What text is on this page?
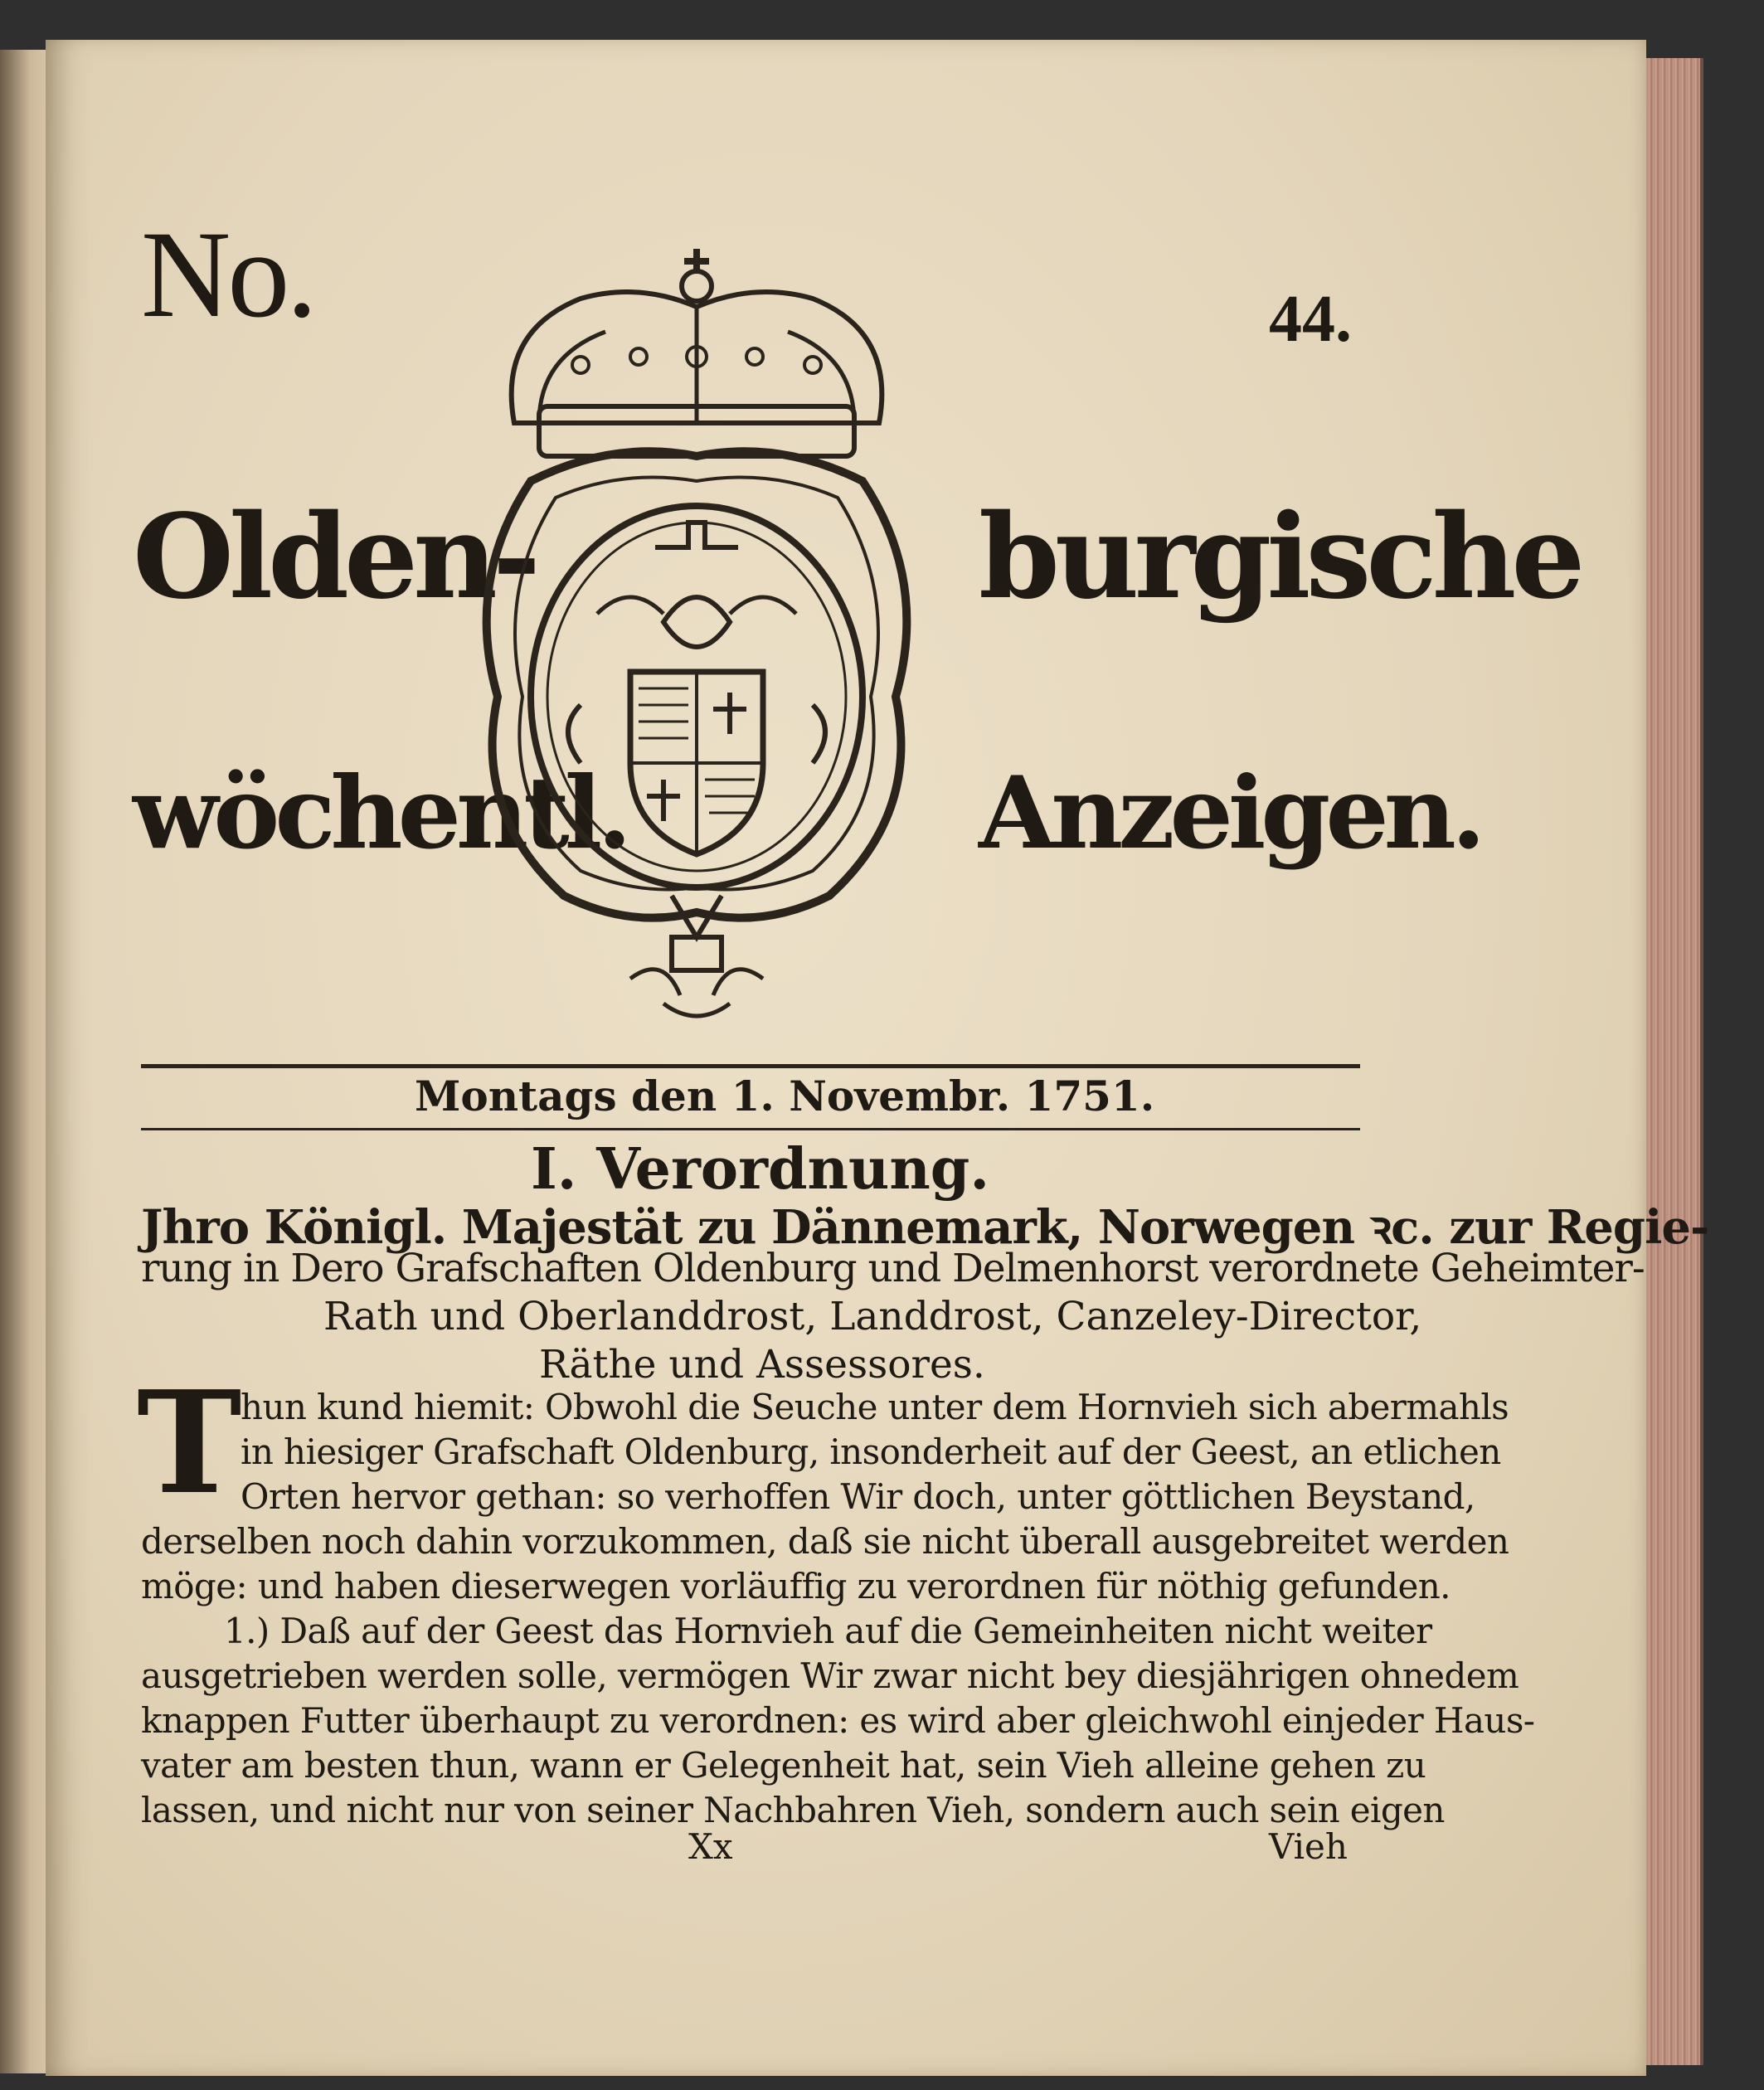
No.	44.
Olden-	burgische
wöchentl.	Anzeigen.
Montags den 1. Novembr. 1751.
I. Verordnung.
Jhro Königl. Majestät zu Dännemark, Norwegen ꝛc. zur Regie-
rung in Dero Grafschaften Oldenburg und Delmenhorst verordnete Geheimter-
Rath und Oberlanddrost, Landdrost, Canzeley-Director,
Räthe und Assessores.
T
hun kund hiemit: Obwohl die Seuche unter dem Hornvieh sich abermahls
in hiesiger Grafschaft Oldenburg, insonderheit auf der Geest, an etlichen
Orten hervor gethan: so verhoffen Wir doch, unter göttlichen Beystand,
derselben noch dahin vorzukommen, daß sie nicht überall ausgebreitet werden
möge: und haben dieserwegen vorläuffig zu verordnen für nöthig gefunden.
1.) Daß auf der Geest das Hornvieh auf die Gemeinheiten nicht weiter
ausgetrieben werden solle, vermögen Wir zwar nicht bey diesjährigen ohnedem
knappen Futter überhaupt zu verordnen: es wird aber gleichwohl einjeder Haus-
vater am besten thun, wann er Gelegenheit hat, sein Vieh alleine gehen zu
lassen, und nicht nur von seiner Nachbahren Vieh, sondern auch sein eigen
Xx	Vieh
